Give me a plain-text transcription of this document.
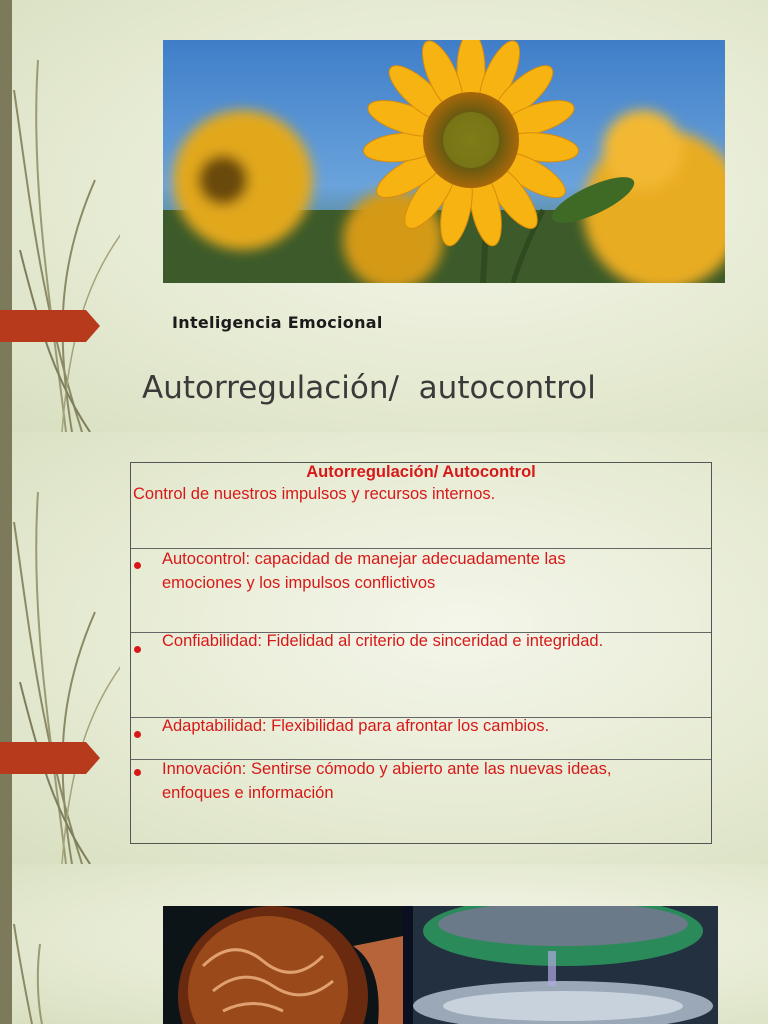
Inteligencia Emocional
Autorregulación/  autocontrol
Autorregulación/ Autocontrol
Control de nuestros impulsos y recursos internos.
Autocontrol: capacidad de manejar adecuadamente las
emociones y los impulsos conflictivos
Confiabilidad: Fidelidad al criterio de sinceridad e integridad.
Adaptabilidad: Flexibilidad para afrontar los cambios.
Innovación: Sentirse cómodo y abierto ante las nuevas ideas,
enfoques e información
